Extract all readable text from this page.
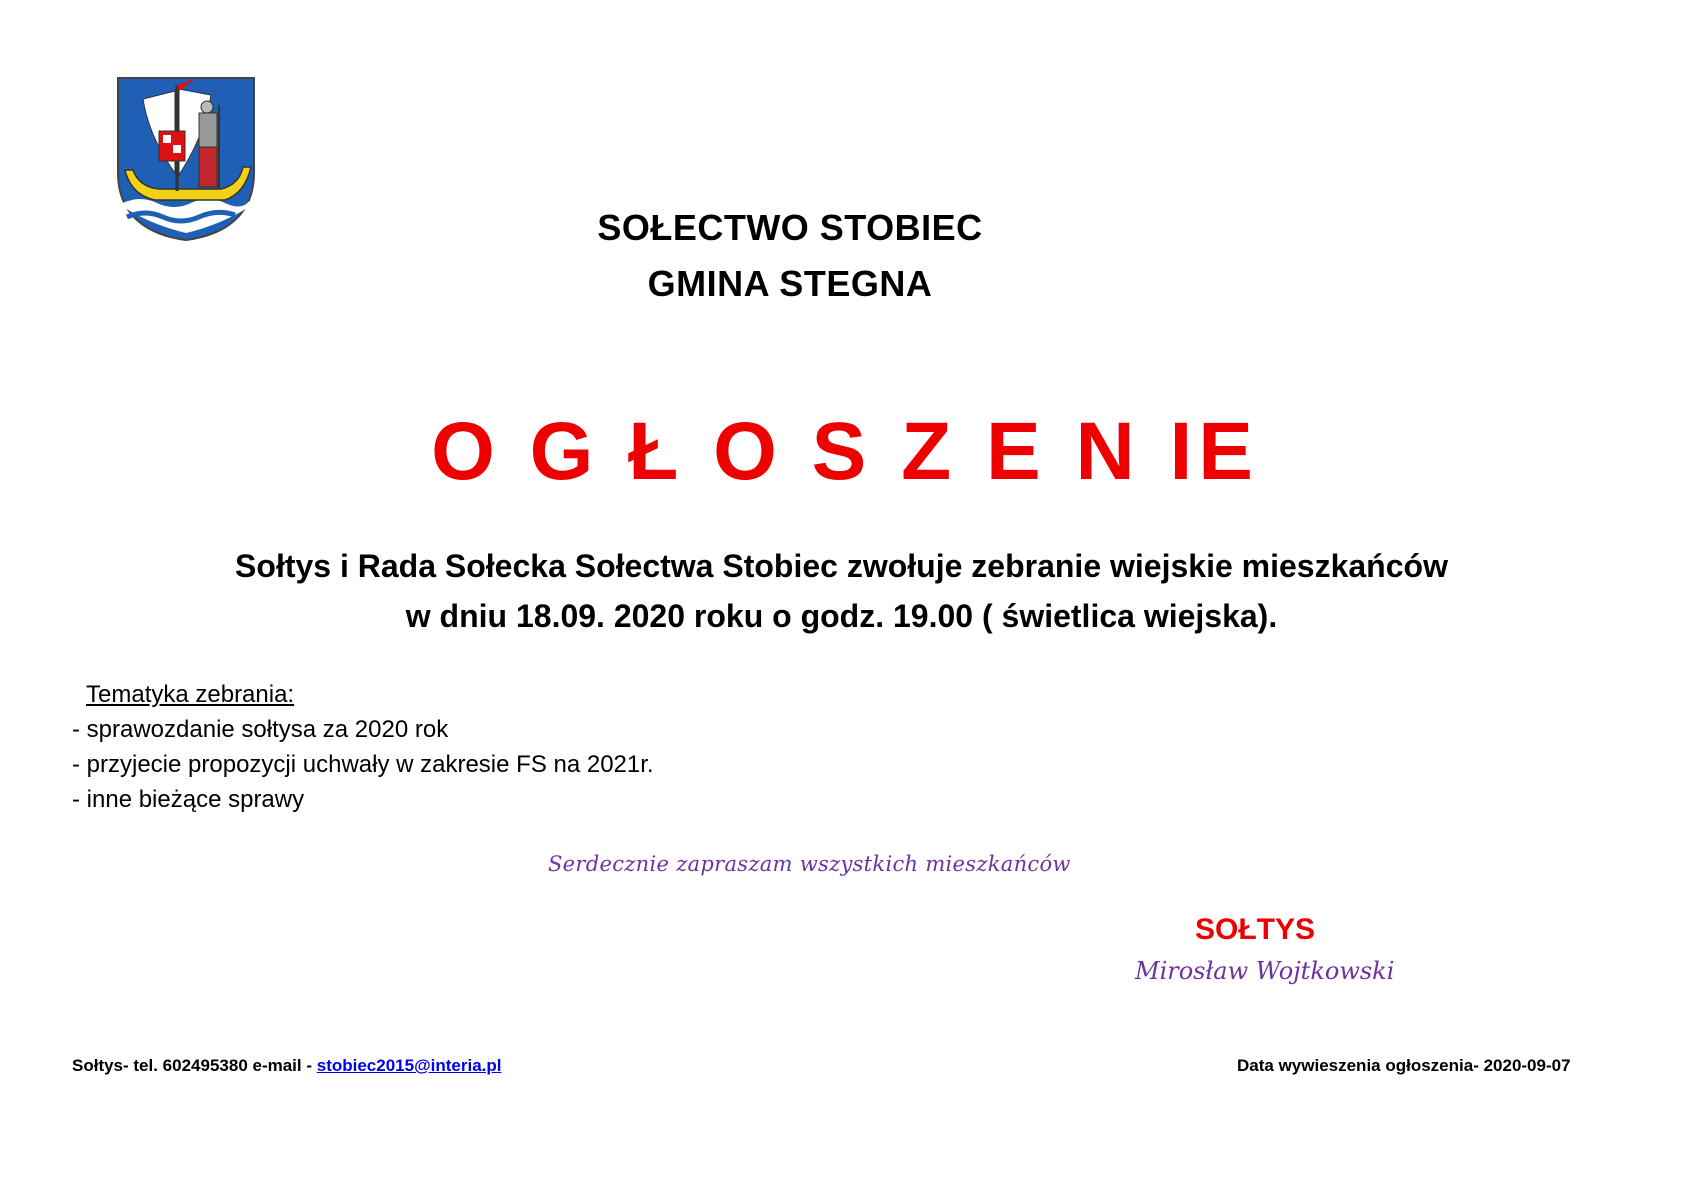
SOŁECTWO STOBIEC
GMINA STEGNA
O G Ł O S Z E N IE
Sołtys i Rada Sołecka Sołectwa Stobiec zwołuje zebranie wiejskie mieszkańców
w dniu 18.09. 2020 roku o godz. 19.00 ( świetlica wiejska).
Tematyka zebrania:
- sprawozdanie sołtysa za 2020 rok
- przyjecie propozycji uchwały w zakresie FS na 2021r.
- inne bieżące sprawy
Serdecznie zapraszam wszystkich mieszkańców
SOŁTYS
Mirosław Wojtkowski
Sołtys- tel. 602495380 e-mail - stobiec2015@interia.pl	Data wywieszenia ogłoszenia- 2020-09-07
